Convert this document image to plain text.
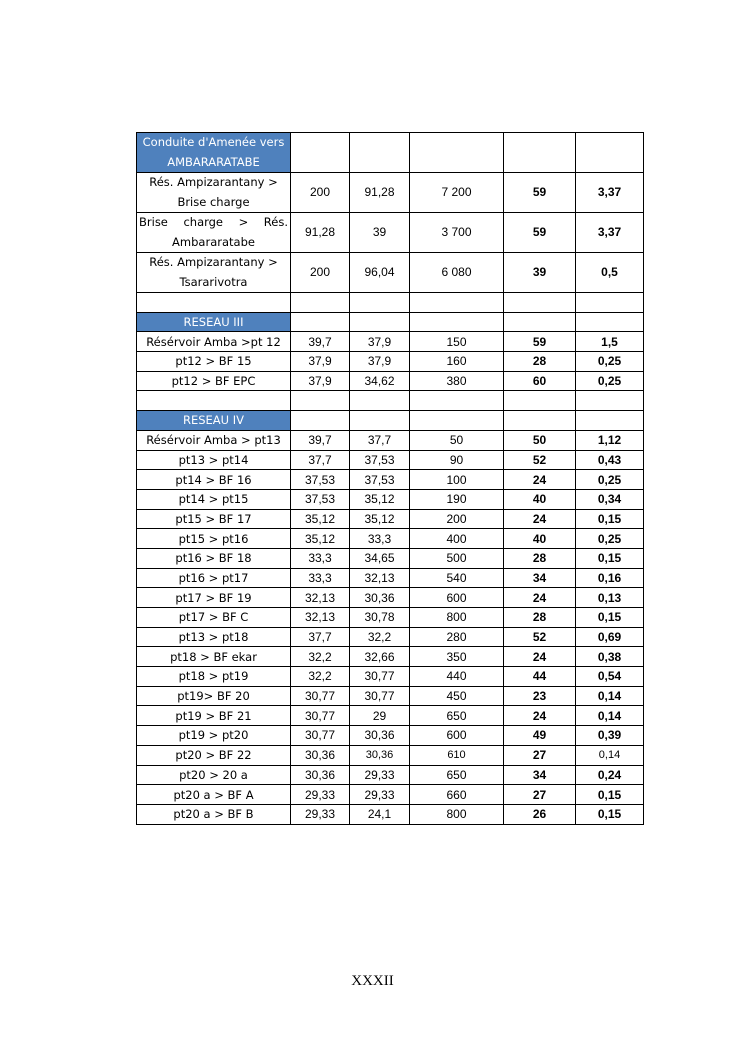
Conduite d'Amenée vers
AMBARARATABE					

Rés. Ampizarantany >
Brise charge	200	91,28	7 200	59	3,37

Brise charge > Rés.
Ambararatabe	91,28	39	3 700	59	3,37

Rés. Ampizarantany >
Tsararivotra	200	96,04	6 080	39	0,5

RESEAU III					
Résérvoir Amba >pt 12	39,7	37,9	150	59	1,5
pt12 > BF 15	37,9	37,9	160	28	0,25
pt12 > BF EPC	37,9	34,62	380	60	0,25

RESEAU IV					
Résérvoir Amba > pt13	39,7	37,7	50	50	1,12
pt13 > pt14	37,7	37,53	90	52	0,43
pt14 > BF 16	37,53	37,53	100	24	0,25
pt14 > pt15	37,53	35,12	190	40	0,34
pt15 > BF 17	35,12	35,12	200	24	0,15
pt15 > pt16	35,12	33,3	400	40	0,25
pt16 > BF 18	33,3	34,65	500	28	0,15
pt16 > pt17	33,3	32,13	540	34	0,16
pt17 > BF 19	32,13	30,36	600	24	0,13
pt17 > BF C	32,13	30,78	800	28	0,15
pt13 > pt18	37,7	32,2	280	52	0,69
pt18 > BF ekar	32,2	32,66	350	24	0,38
pt18 > pt19	32,2	30,77	440	44	0,54
pt19> BF 20	30,77	30,77	450	23	0,14
pt19 > BF 21	30,77	29	650	24	0,14
pt19 > pt20	30,77	30,36	600	49	0,39
pt20 > BF 22	30,36	30,36	610	27	0,14
pt20 > 20 a	30,36	29,33	650	34	0,24
pt20 a > BF A	29,33	29,33	660	27	0,15
pt20 a > BF B	29,33	24,1	800	26	0,15
XXXII
